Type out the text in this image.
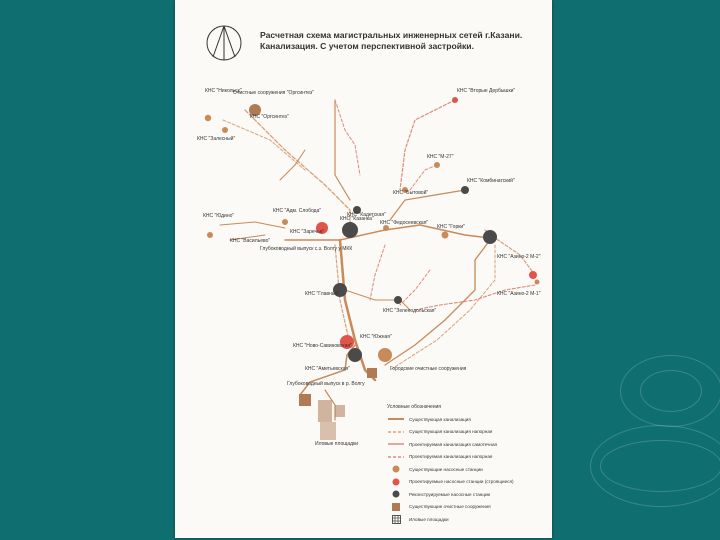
Расчетная схема магистральных инженерных сетей г.Казани. Канализация. С учетом перспективной застройки.
КНС "Никольск"
Очистные сооружения "Оргсинтез"
КНС "Оргсинтез"
КНС "Залесный"
КНС "Вторые Дербышки"
КНС "М-27"
КНС "Бытовой"
КНС "Комбинатский"
КНС "Кадетская"
КНС "Адм. Слобода"
КНС "Юдино"	КНС "Казанка"
КНС "Заречье"
КНС "Федосеевская"
КНС "Горки"
КНС "Васильево"
Глубоководный выпуск с.з. Волгу у МКК
КНС "Главный"
КНС "Зеленодольская"
КНС "Азино-2 М-2"
КНС "Азино-2 М-1"
КНС "Ново-Савиновская"
КНС "Южная"
КНС "Аметьевская"	Городские очистные сооружения
Глубоководный выпуск в р. Волгу
Иловые площадки
Условные обозначения
Существующая канализация
Существующая канализация напорная
Проектируемая канализация самотечная
Проектируемая канализация напорная
Существующие насосные станции
Проектируемые насосные станции (строящиеся)
Реконструируемые насосные станции
Существующие очистные сооружения
Иловые площадки
